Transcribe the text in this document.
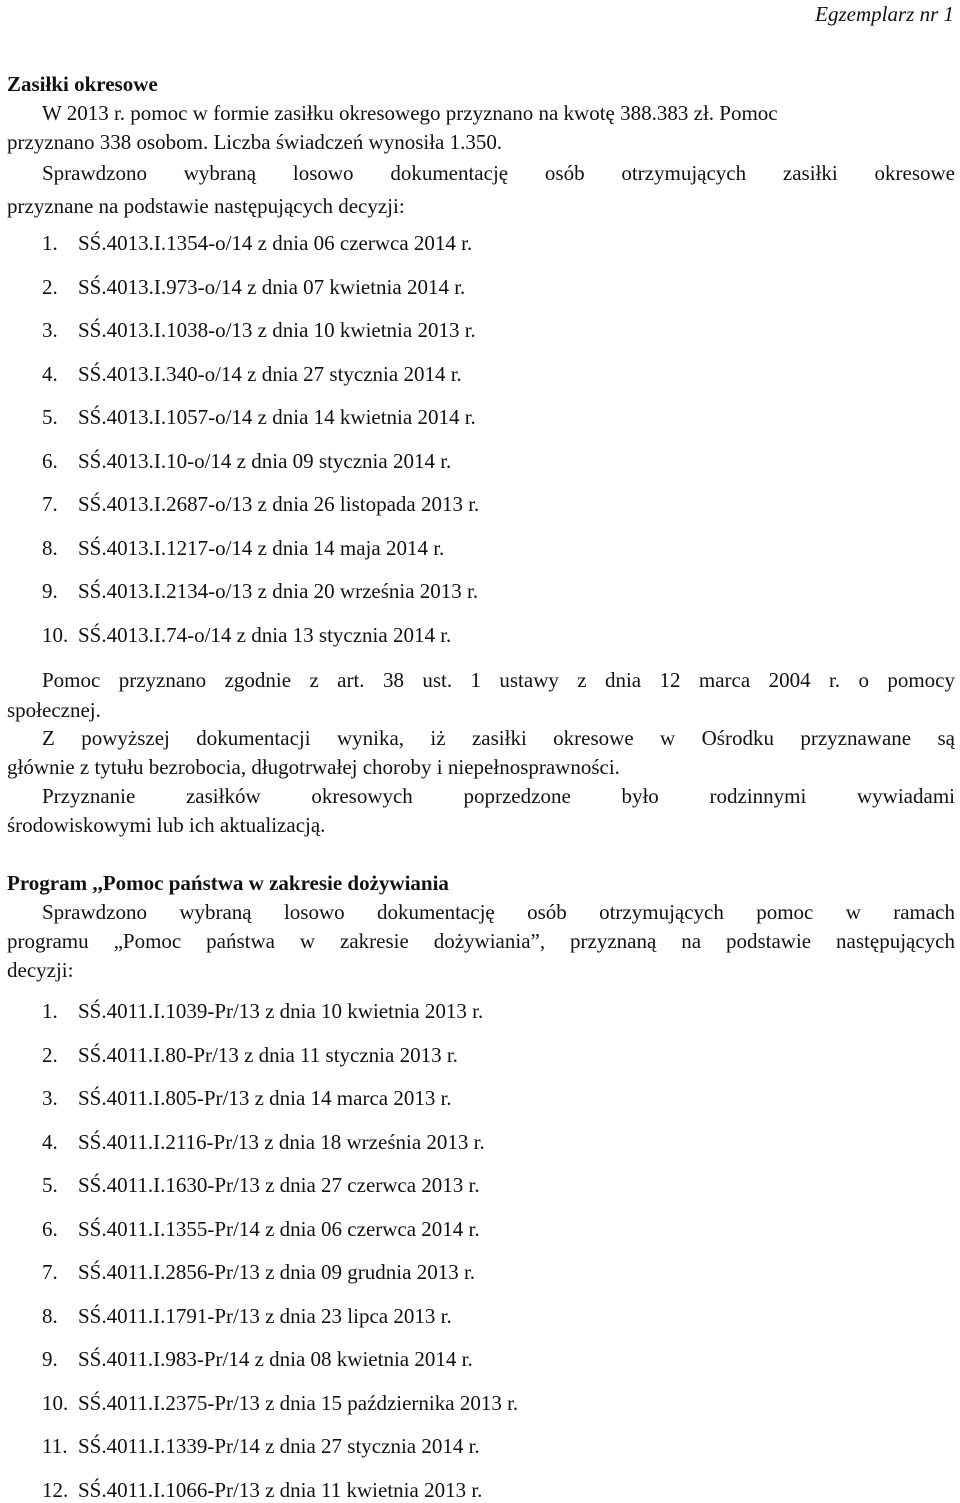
Egzemplarz nr 1
Zasiłki okresowe
W 2013 r. pomoc w formie zasiłku okresowego przyznano na kwotę 388.383 zł. Pomoc
przyznano 338 osobom. Liczba świadczeń wynosiła 1.350.
Sprawdzono wybraną losowo dokumentację osób otrzymujących zasiłki okresowe
przyznane na podstawie następujących decyzji:
1. SŚ.4013.I.1354-o/14 z dnia 06 czerwca 2014 r.
2. SŚ.4013.I.973-o/14 z dnia 07 kwietnia 2014 r.
3. SŚ.4013.I.1038-o/13 z dnia 10 kwietnia 2013 r.
4. SŚ.4013.I.340-o/14 z dnia 27 stycznia 2014 r.
5. SŚ.4013.I.1057-o/14 z dnia 14 kwietnia 2014 r.
6. SŚ.4013.I.10-o/14 z dnia 09 stycznia 2014 r.
7. SŚ.4013.I.2687-o/13 z dnia 26 listopada 2013 r.
8. SŚ.4013.I.1217-o/14 z dnia 14 maja 2014 r.
9. SŚ.4013.I.2134-o/13 z dnia 20 września 2013 r.
10. SŚ.4013.I.74-o/14 z dnia 13 stycznia 2014 r.
Pomoc przyznano zgodnie z art. 38 ust. 1 ustawy z dnia 12 marca 2004 r. o pomocy
społecznej.
Z powyższej dokumentacji wynika, iż zasiłki okresowe w Ośrodku przyznawane są
głównie z tytułu bezrobocia, długotrwałej choroby i niepełnosprawności.
Przyznanie zasiłków okresowych poprzedzone było rodzinnymi wywiadami
środowiskowymi lub ich aktualizacją.
Program ,,Pomoc państwa w zakresie dożywiania
Sprawdzono wybraną losowo dokumentację osób otrzymujących pomoc w ramach
programu „Pomoc państwa w zakresie dożywiania”, przyznaną na podstawie następujących
decyzji:
1. SŚ.4011.I.1039-Pr/13 z dnia 10 kwietnia 2013 r.
2. SŚ.4011.I.80-Pr/13 z dnia 11 stycznia 2013 r.
3. SŚ.4011.I.805-Pr/13 z dnia 14 marca 2013 r.
4. SŚ.4011.I.2116-Pr/13 z dnia 18 września 2013 r.
5. SŚ.4011.I.1630-Pr/13 z dnia 27 czerwca 2013 r.
6. SŚ.4011.I.1355-Pr/14 z dnia 06 czerwca 2014 r.
7. SŚ.4011.I.2856-Pr/13 z dnia 09 grudnia 2013 r.
8. SŚ.4011.I.1791-Pr/13 z dnia 23 lipca 2013 r.
9. SŚ.4011.I.983-Pr/14 z dnia 08 kwietnia 2014 r.
10. SŚ.4011.I.2375-Pr/13 z dnia 15 października 2013 r.
11. SŚ.4011.I.1339-Pr/14 z dnia 27 stycznia 2014 r.
12. SŚ.4011.I.1066-Pr/13 z dnia 11 kwietnia 2013 r.
